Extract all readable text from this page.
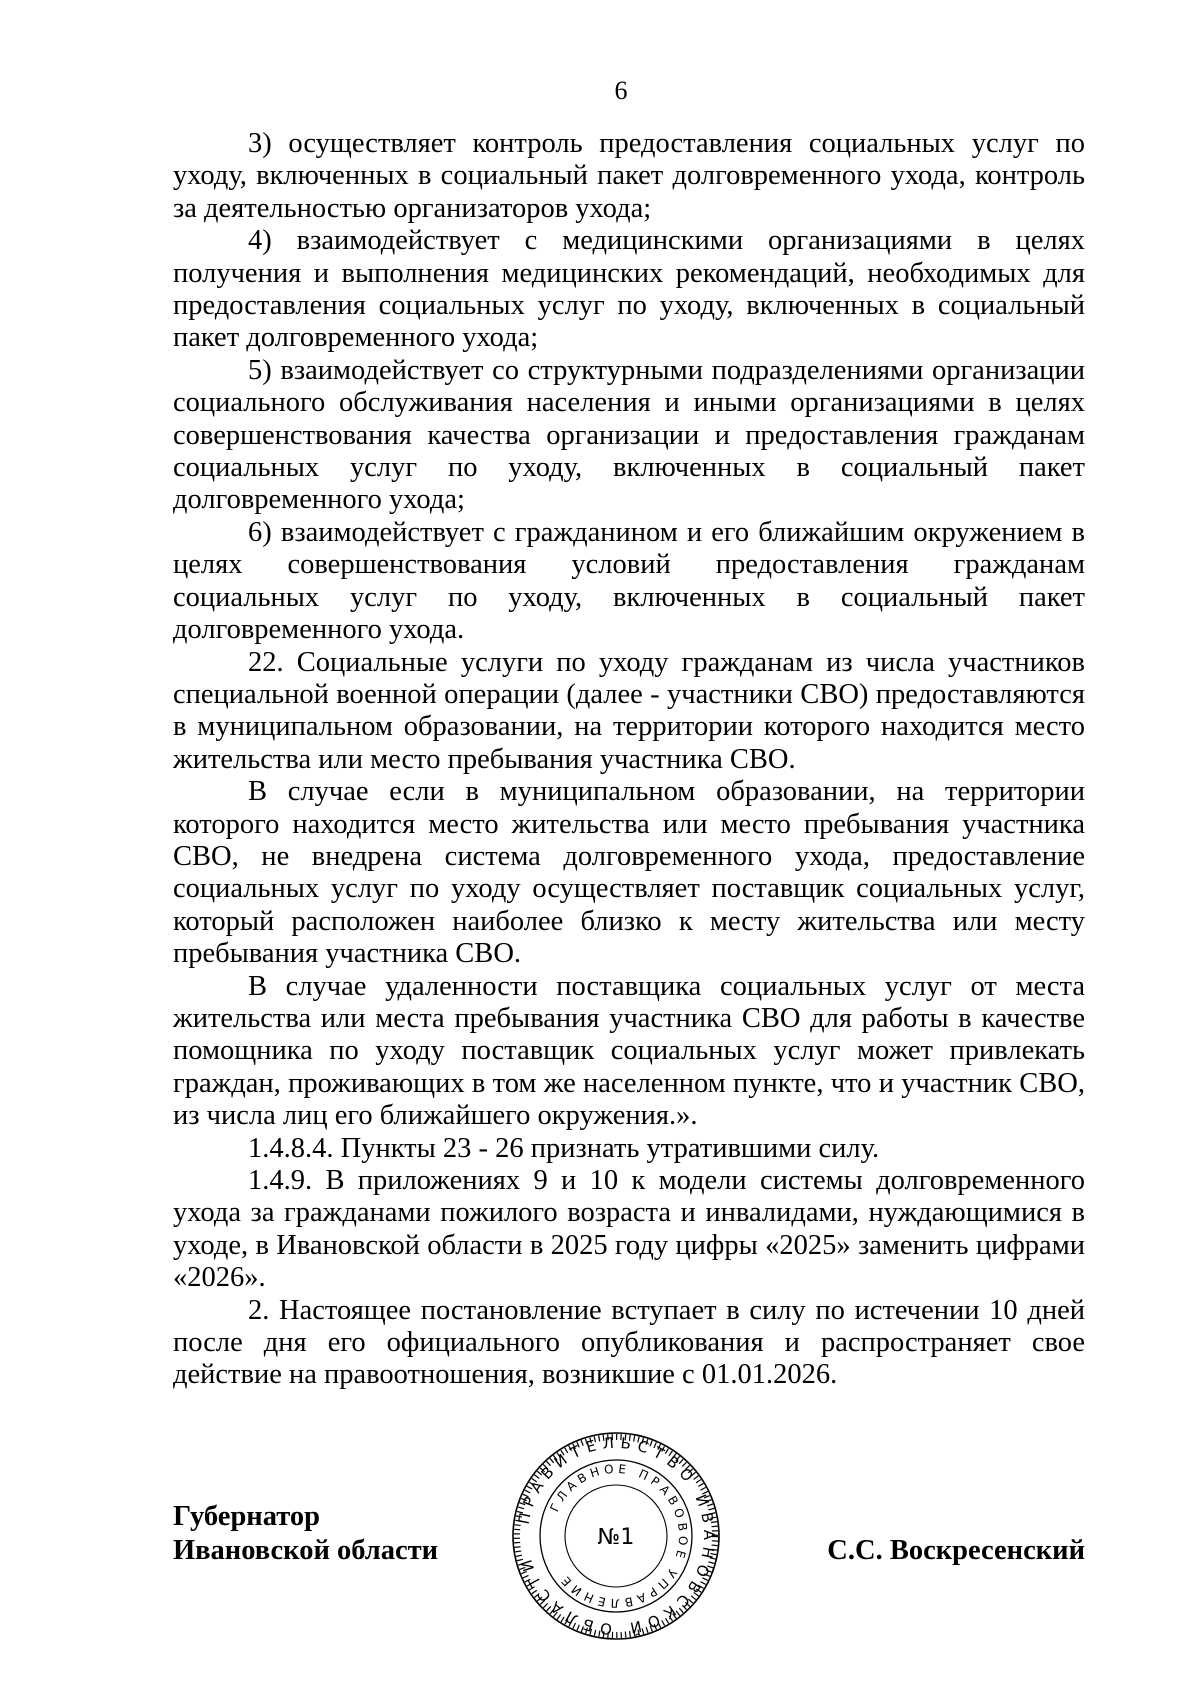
6

3) осуществляет контроль предоставления социальных услуг по уходу, включенных в социальный пакет долговременного ухода, контроль за деятельностью организаторов ухода;

4) взаимодействует с медицинскими организациями в целях получения и выполнения медицинских рекомендаций, необходимых для предоставления социальных услуг по уходу, включенных в социальный пакет долговременного ухода;

5) взаимодействует со структурными подразделениями организации социального обслуживания населения и иными организациями в целях совершенствования качества организации и предоставления гражданам социальных услуг по уходу, включенных в социальный пакет долговременного ухода;

6) взаимодействует с гражданином и его ближайшим окружением в целях совершенствования условий предоставления гражданам социальных услуг по уходу, включенных в социальный пакет долговременного ухода.

22. Социальные услуги по уходу гражданам из числа участников специальной военной операции (далее - участники СВО) предоставляются в муниципальном образовании, на территории которого находится место жительства или место пребывания участника СВО.

В случае если в муниципальном образовании, на территории которого находится место жительства или место пребывания участника СВО, не внедрена система долговременного ухода, предоставление социальных услуг по уходу осуществляет поставщик социальных услуг, который расположен наиболее близко к месту жительства или месту пребывания участника СВО.

В случае удаленности поставщика социальных услуг от места жительства или места пребывания участника СВО для работы в качестве помощника по уходу поставщик социальных услуг может привлекать граждан, проживающих в том же населенном пункте, что и участник СВО, из числа лиц его ближайшего окружения.».

1.4.8.4. Пункты 23 - 26 признать утратившими силу.

1.4.9. В приложениях 9 и 10 к модели системы долговременного ухода за гражданами пожилого возраста и инвалидами, нуждающимися в уходе, в Ивановской области в 2025 году цифры «2025» заменить цифрами «2026».

2. Настоящее постановление вступает в силу по истечении 10 дней после дня его официального опубликования и распространяет свое действие на правоотношения, возникшие с 01.01.2026.

Губернатор
Ивановской области	С.С. Воскресенский
ПРАВИТЕЛЬСТВО ИВАНОВСКОЙ ОБЛАСТИ
ГЛАВНОЕ ПРАВОВОЕ УПРАВЛЕНИЕ
№1
